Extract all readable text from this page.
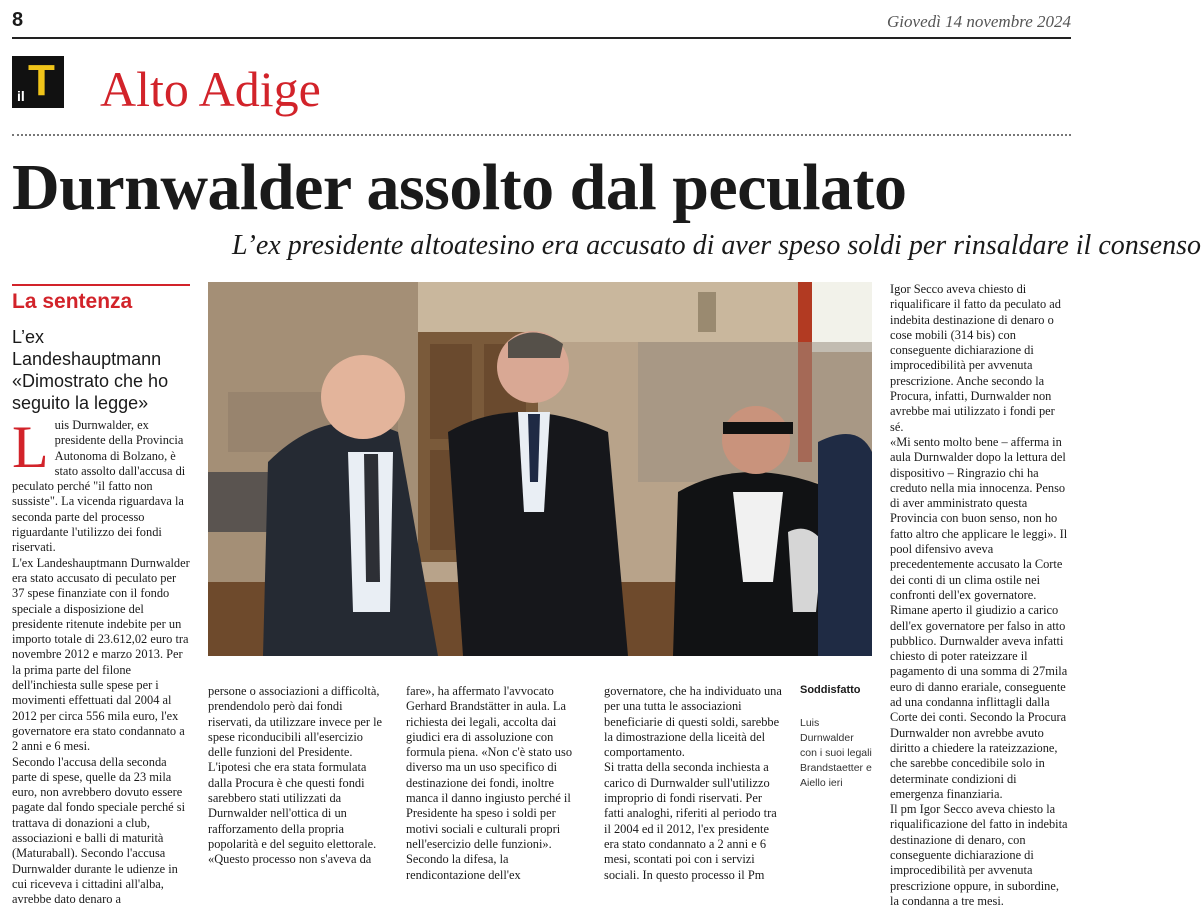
8	Giovedì 14 novembre 2024
T
il Alto Adige
Durnwalder assolto dal peculato
L’ex presidente altoatesino era accusato di aver speso soldi per rinsaldare il consenso
La sentenza
L’ex Landeshauptmann «Dimostrato che ho seguito la legge»
L uis Durnwalder, ex presidente della Provincia Autonoma di Bolzano, è stato assolto dall'accusa di peculato perché "il fatto non sussiste". La vicenda riguardava la seconda parte del processo riguardante l'utilizzo dei fondi riservati.

L'ex Landeshauptmann Durnwalder era stato accusato di peculato per 37 spese finanziate con il fondo speciale a disposizione del presidente ritenute indebite per un importo totale di 23.612,02 euro tra novembre 2012 e marzo 2013. Per la prima parte del filone dell'inchiesta sulle spese per i movimenti effettuati dal 2004 al 2012 per circa 556 mila euro, l'ex governatore era stato condannato a 2 anni e 6 mesi.

Secondo l'accusa della seconda parte di spese, quelle da 23 mila euro, non avrebbero dovuto essere pagate dal fondo speciale perché si trattava di donazioni a club, associazioni e balli di maturità (Maturaball). Secondo l'accusa Durnwalder durante le udienze in cui riceveva i cittadini all'alba, avrebbe dato denaro a

persone o associazioni a difficoltà, prendendolo però dai fondi riservati, da utilizzare invece per le spese riconducibili all'esercizio delle funzioni del Presidente. L'ipotesi che era stata formulata dalla Procura è che questi fondi sarebbero stati utilizzati da Durnwalder nell'ottica di un rafforzamento della propria popolarità e del seguito elettorale.

«Questo processo non s'aveva da

fare», ha affermato l'avvocato Gerhard Brandstätter in aula. La richiesta dei legali, accolta dai giudici era di assoluzione con formula piena. «Non c'è stato uso diverso ma un uso specifico di destinazione dei fondi, inoltre manca il danno ingiusto perché il Presidente ha speso i soldi per motivi sociali e culturali propri nell'esercizio delle funzioni».

Secondo la difesa, la rendicontazione dell'ex

governatore, che ha individuato una per una tutta le associazioni beneficiarie di questi soldi, sarebbe la dimostrazione della liceità del comportamento.

Si tratta della seconda inchiesta a carico di Durnwalder sull'utilizzo improprio di fondi riservati. Per fatti analoghi, riferiti al periodo tra il 2004 ed il 2012, l'ex presidente era stato condannato a 2 anni e 6 mesi, scontati poi con i servizi sociali. In questo processo il Pm

Soddisfatto
Luis Durnwalder con i suoi legali Brandstaetter e Aiello ieri

Igor Secco aveva chiesto di riqualificare il fatto da peculato ad indebita destinazione di denaro o cose mobili (314 bis) con conseguente dichiarazione di improcedibilità per avvenuta prescrizione. Anche secondo la Procura, infatti, Durnwalder non avrebbe mai utilizzato i fondi per sé.

«Mi sento molto bene – afferma in aula Durnwalder dopo la lettura del dispositivo – Ringrazio chi ha creduto nella mia innocenza. Penso di aver amministrato questa Provincia con buon senso, non ho fatto altro che applicare le leggi». Il pool difensivo aveva precedentemente accusato la Corte dei conti di un clima ostile nei confronti dell'ex governatore.

Rimane aperto il giudizio a carico dell'ex governatore per falso in atto pubblico. Durnwalder aveva infatti chiesto di poter rateizzare il pagamento di una somma di 27mila euro di danno erariale, conseguente ad una condanna inflittagli dalla Corte dei conti. Secondo la Procura Durnwalder non avrebbe avuto diritto a chiedere la rateizzazione, che sarebbe concedibile solo in determinate condizioni di emergenza finanziaria.

Il pm Igor Secco aveva chiesto la riqualificazione del fatto in indebita destinazione di denaro, con conseguente dichiarazione di improcedibilità per avvenuta prescrizione oppure, in subordine, la condanna a tre mesi.
